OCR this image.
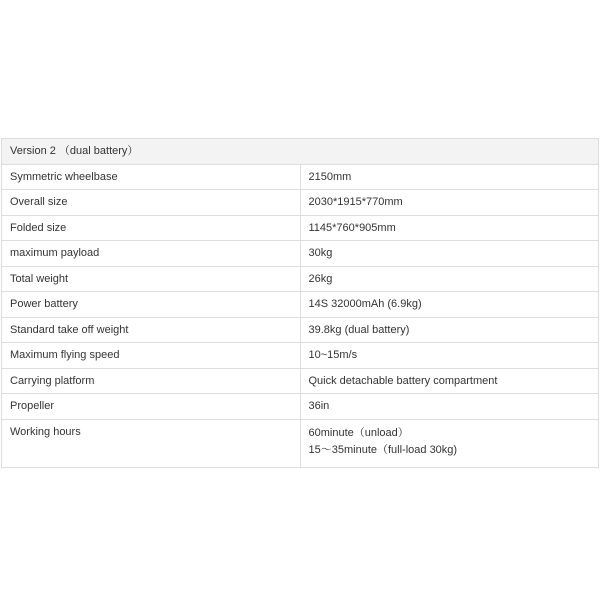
Version 2 （dual battery）	
Symmetric wheelbase	2150mm
Overall size	2030*1915*770mm
Folded size	1145*760*905mm
maximum payload	30kg
Total weight	26kg
Power battery	14S 32000mAh (6.9kg)
Standard take off weight	39.8kg (dual battery)
Maximum flying speed	10~15m/s
Carrying platform	Quick detachable battery compartment
Propeller	36in
Working hours	60minute（unload）
15～35minute（full-load 30kg)
